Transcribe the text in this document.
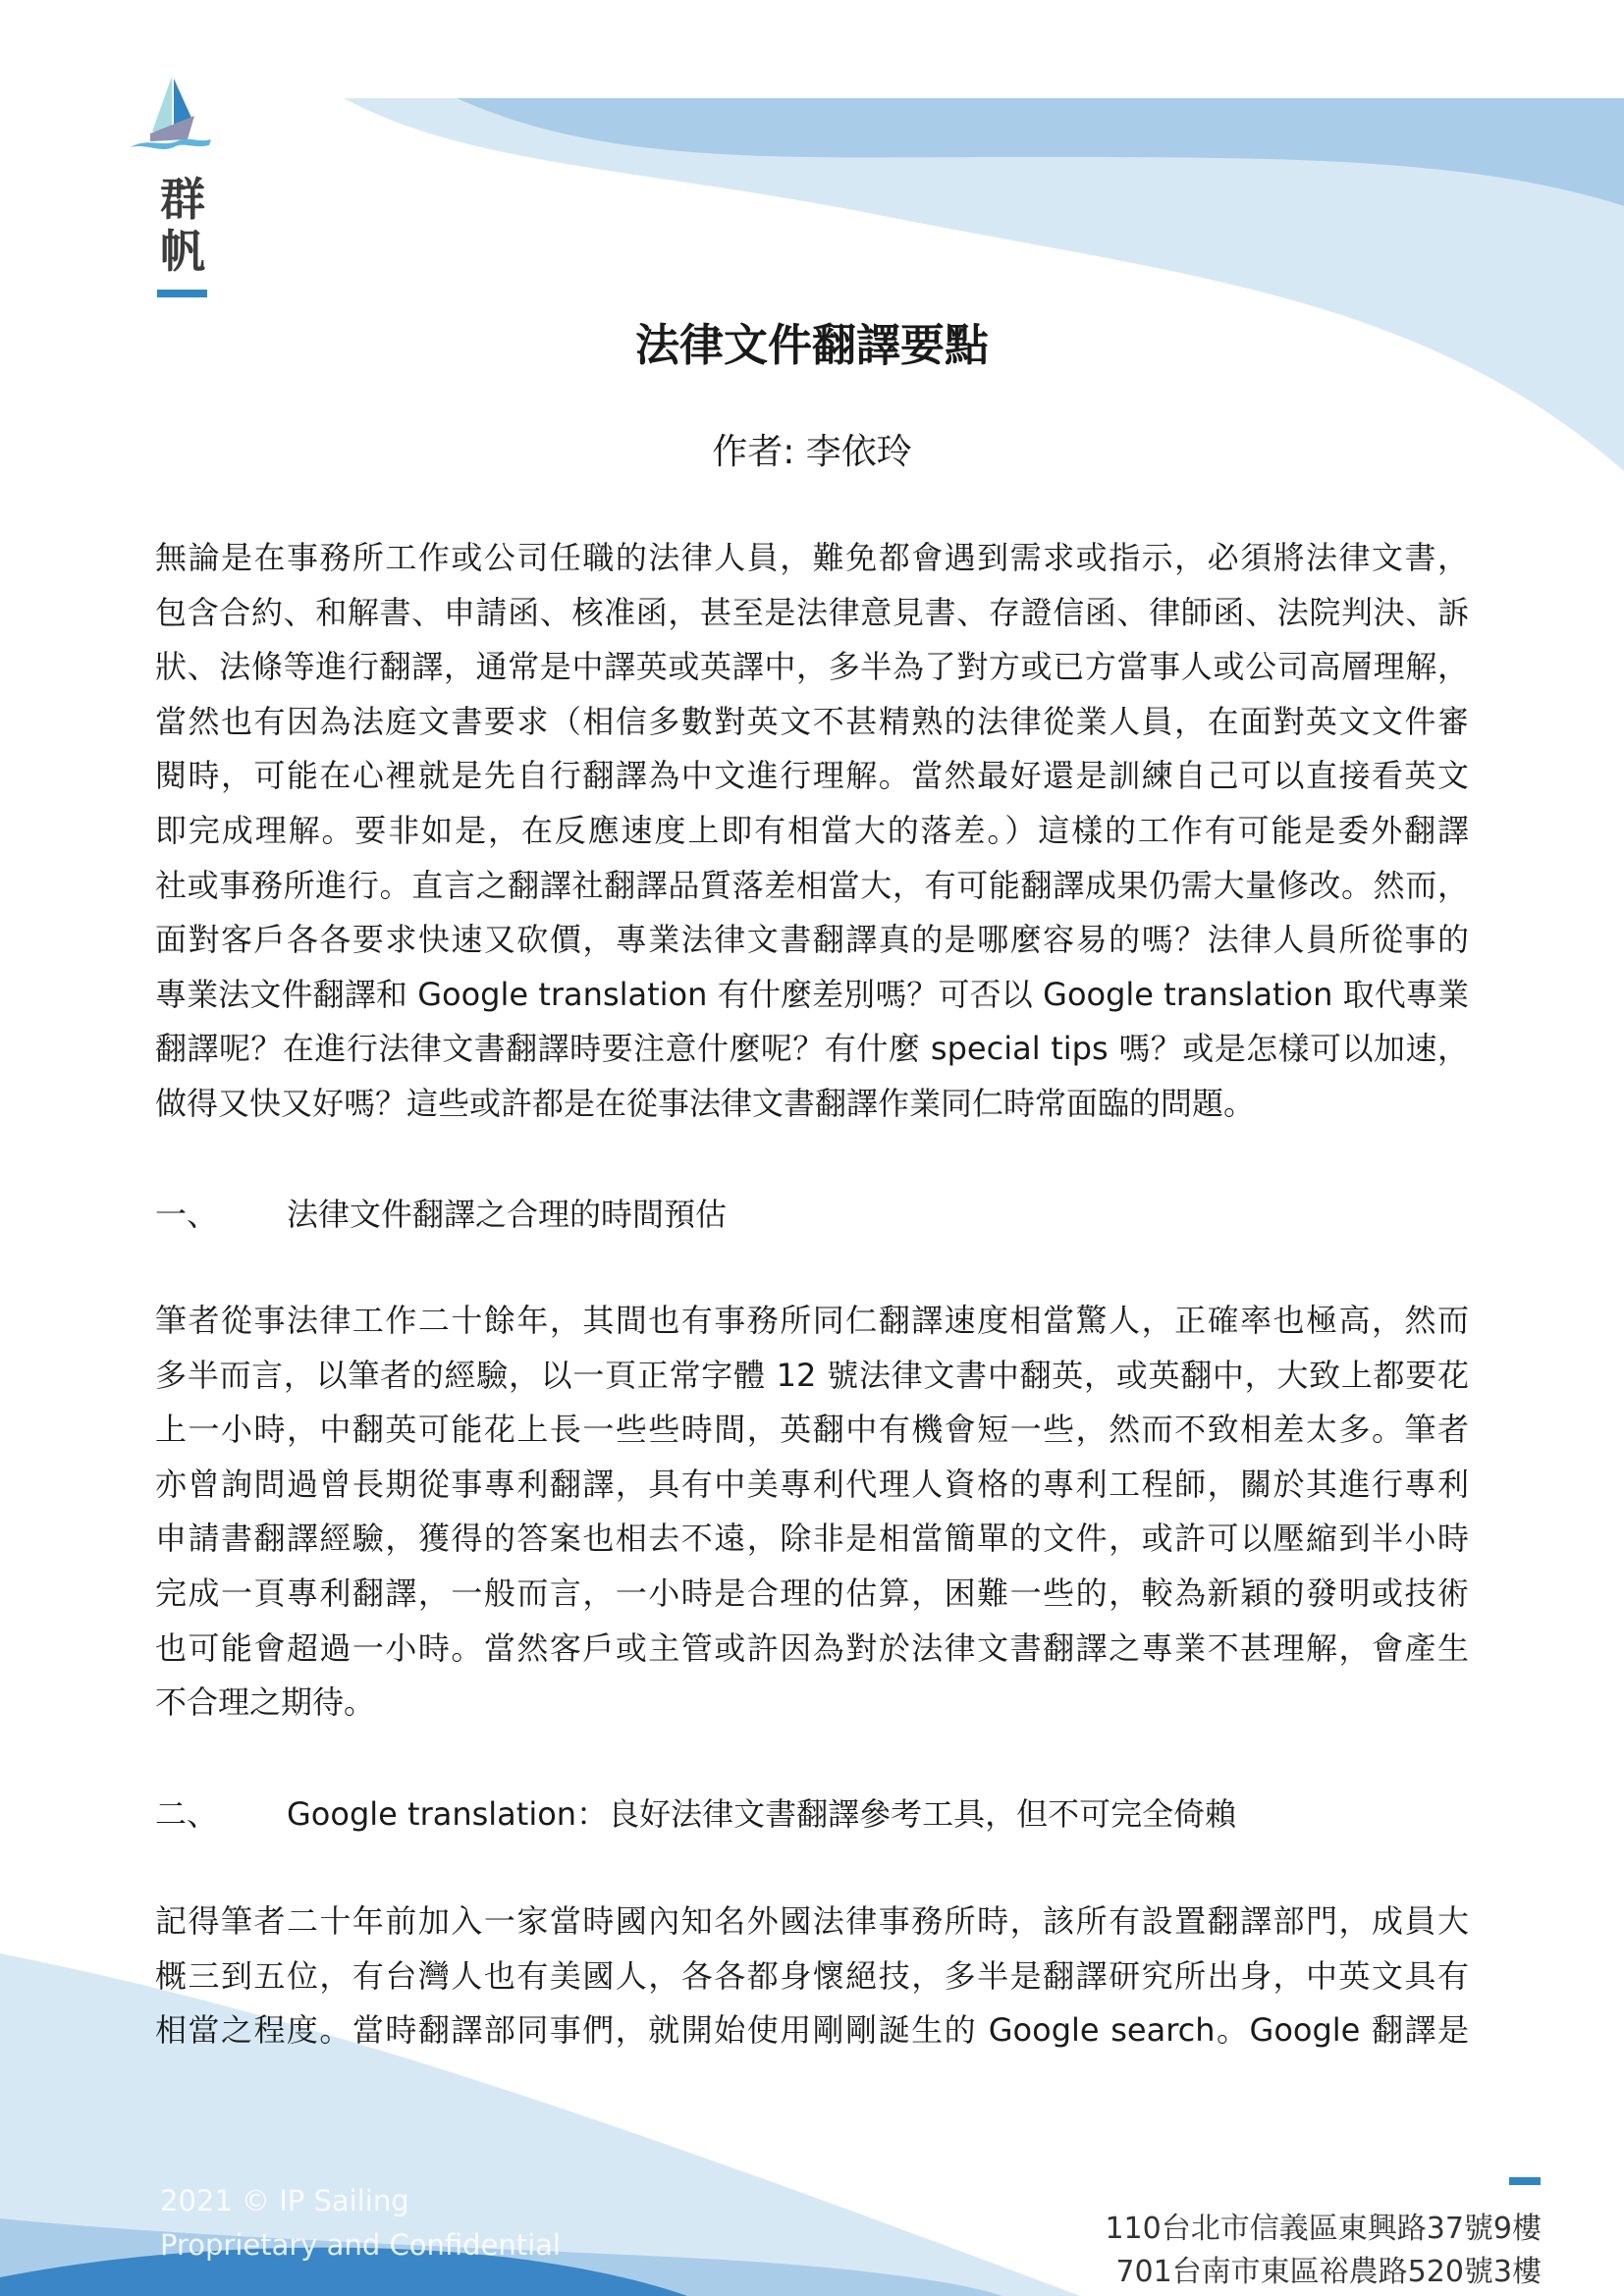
群
帆
法律文件翻譯要點
作者: 李依玲
無論是在事務所工作或公司任職的法律人員，難免都會遇到需求或指示，必須將法律文書，
包含合約、和解書、申請函、核准函，甚至是法律意見書、存證信函、律師函、法院判決、訴
狀、法條等進行翻譯，通常是中譯英或英譯中，多半為了對方或已方當事人或公司高層理解，
當然也有因為法庭文書要求（相信多數對英文不甚精熟的法律從業人員，在面對英文文件審
閱時，可能在心裡就是先自行翻譯為中文進行理解。當然最好還是訓練自己可以直接看英文
即完成理解。要非如是，在反應速度上即有相當大的落差。）這樣的工作有可能是委外翻譯
社或事務所進行。直言之翻譯社翻譯品質落差相當大，有可能翻譯成果仍需大量修改。然而，
面對客戶各各要求快速又砍價，專業法律文書翻譯真的是哪麼容易的嗎？法律人員所從事的
專業法文件翻譯和 Google translation 有什麼差別嗎？可否以 Google translation 取代專業
翻譯呢？在進行法律文書翻譯時要注意什麼呢？有什麼 special tips 嗎？或是怎樣可以加速，
做得又快又好嗎？這些或許都是在從事法律文書翻譯作業同仁時常面臨的問題。
一、 法律文件翻譯之合理的時間預估
筆者從事法律工作二十餘年，其間也有事務所同仁翻譯速度相當驚人，正確率也極高，然而
多半而言，以筆者的經驗，以一頁正常字體 12 號法律文書中翻英，或英翻中，大致上都要花
上一小時，中翻英可能花上長一些些時間，英翻中有機會短一些，然而不致相差太多。筆者
亦曾詢問過曾長期從事專利翻譯，具有中美專利代理人資格的專利工程師，關於其進行專利
申請書翻譯經驗，獲得的答案也相去不遠，除非是相當簡單的文件，或許可以壓縮到半小時
完成一頁專利翻譯，一般而言，一小時是合理的估算，困難一些的，較為新穎的發明或技術
也可能會超過一小時。當然客戶或主管或許因為對於法律文書翻譯之專業不甚理解，會產生
不合理之期待。
二、 Google translation：良好法律文書翻譯參考工具，但不可完全倚賴
記得筆者二十年前加入一家當時國內知名外國法律事務所時，該所有設置翻譯部門，成員大
概三到五位，有台灣人也有美國人，各各都身懷絕技，多半是翻譯研究所出身，中英文具有
相當之程度。當時翻譯部同事們，就開始使用剛剛誕生的 Google search。Google 翻譯是
2021 © IP Sailing
Proprietary and Confidential	110台北市信義區東興路37號9樓
701台南市東區裕農路520號3樓
